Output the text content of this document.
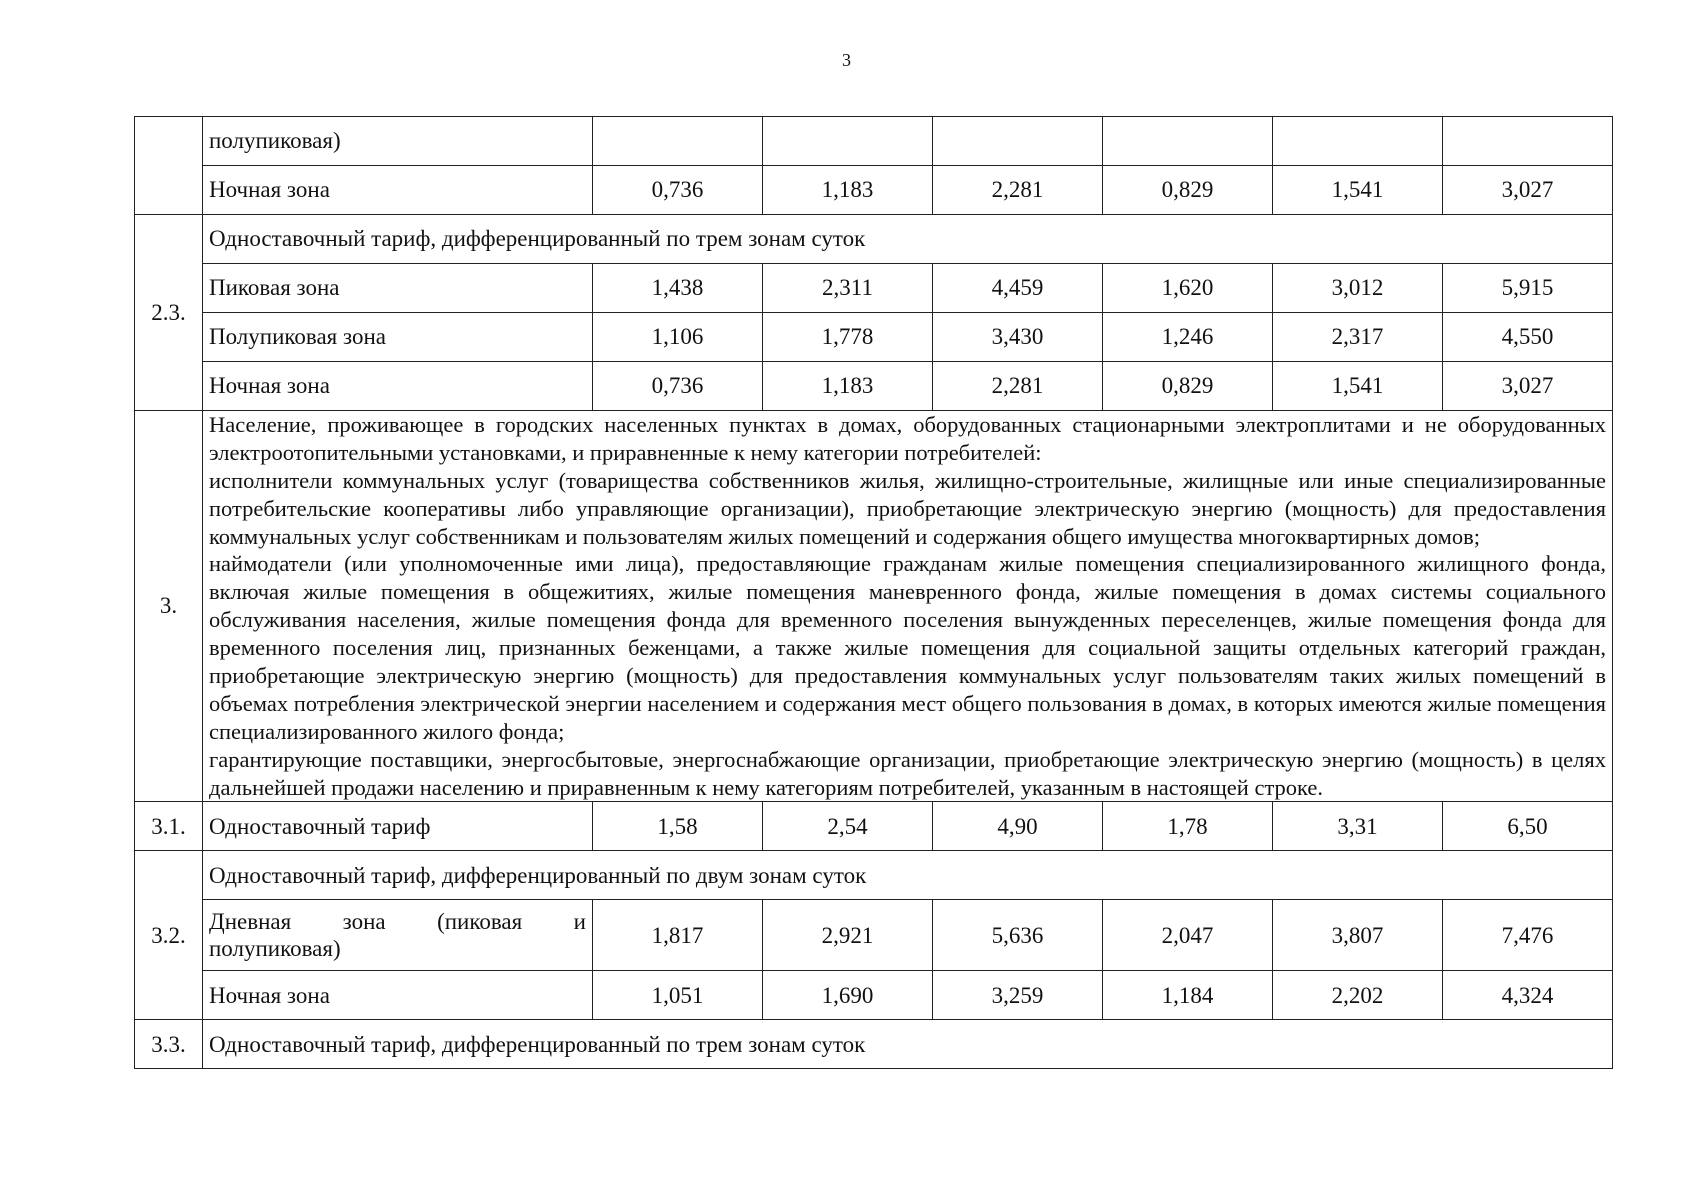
3
	полупиковая)						
	Ночная зона	0,736	1,183	2,281	0,829	1,541	3,027
2.3.	Одноставочный тариф, дифференцированный по трем зонам суток						
	Пиковая зона	1,438	2,311	4,459	1,620	3,012	5,915
	Полупиковая зона	1,106	1,778	3,430	1,246	2,317	4,550
	Ночная зона	0,736	1,183	2,281	0,829	1,541	3,027
3.	Население, проживающее в городских населенных пунктах в домах, оборудованных стационарными электроплитами и не оборудованных электроотопительными установками, и приравненные к нему категории потребителей:

исполнители коммунальных услуг (товарищества собственников жилья, жилищно-строительные, жилищные или иные специализированные потребительские кооперативы либо управляющие организации), приобретающие электрическую энергию (мощность) для предоставления коммунальных услуг собственникам и пользователям жилых помещений и содержания общего имущества многоквартирных домов;

наймодатели (или уполномоченные ими лица), предоставляющие гражданам жилые помещения специализированного жилищного фонда, включая жилые помещения в общежитиях, жилые помещения маневренного фонда, жилые помещения в домах системы социального обслуживания населения, жилые помещения фонда для временного поселения вынужденных переселенцев, жилые помещения фонда для временного поселения лиц, признанных беженцами, а также жилые помещения для социальной защиты отдельных категорий граждан, приобретающие электрическую энергию (мощность) для предоставления коммунальных услуг пользователям таких жилых помещений в объемах потребления электрической энергии населением и содержания мест общего пользования в домах, в которых имеются жилые помещения специализированного жилого фонда;

гарантирующие поставщики, энергосбытовые, энергоснабжающие организации, приобретающие электрическую энергию (мощность) в целях дальнейшей продажи населению и приравненным к нему категориям потребителей, указанным в настоящей строке.						

3.1.	Одноставочный тариф	1,58	2,54	4,90	1,78	3,31	6,50
3.2.	Одноставочный тариф, дифференцированный по двум зонам суток						

	Дневная зона (пиковая и
полупиковая)	1,817	2,921	5,636	2,047	3,807	7,476
	Ночная зона	1,051	1,690	3,259	1,184	2,202	4,324
3.3.	Одноставочный тариф, дифференцированный по трем зонам суток						
